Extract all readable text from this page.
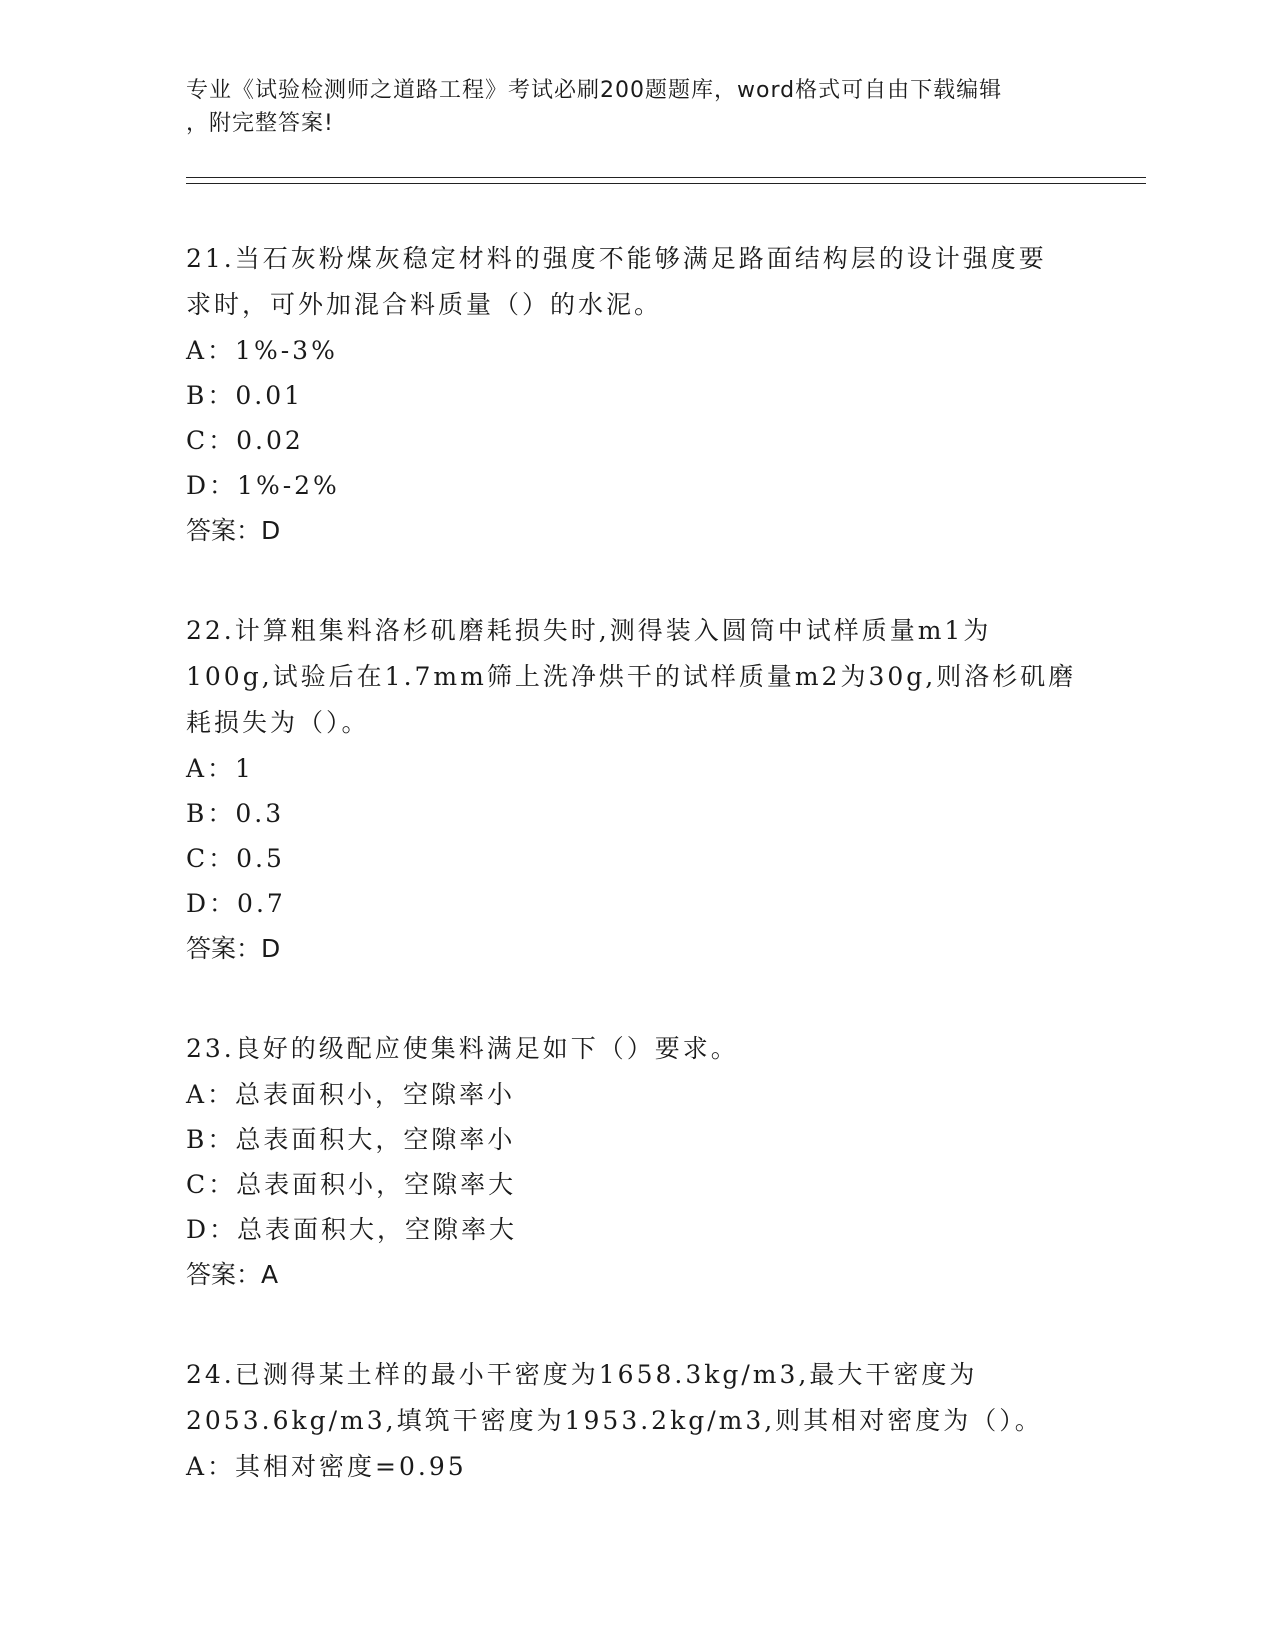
专业《试验检测师之道路工程》考试必刷200题题库，word格式可自由下载编辑
，附完整答案!

21.当石灰粉煤灰稳定材料的强度不能够满足路面结构层的设计强度要

求时，可外加混合料质量（）的水泥。

A：1%-3%

B：0.01

C：0.02

D：1%-2%

答案：D

22.计算粗集料洛杉矶磨耗损失时,测得装入圆筒中试样质量m1为

100g,试验后在1.7mm筛上洗净烘干的试样质量m2为30g,则洛杉矶磨

耗损失为（）。

A：1

B：0.3

C：0.5

D：0.7

答案：D

23.良好的级配应使集料满足如下（）要求。

A：总表面积小，空隙率小

B：总表面积大，空隙率小

C：总表面积小，空隙率大

D：总表面积大，空隙率大

答案：A

24.已测得某土样的最小干密度为1658.3kg/m3,最大干密度为

2053.6kg/m3,填筑干密度为1953.2kg/m3,则其相对密度为（）。

A：其相对密度=0.95
